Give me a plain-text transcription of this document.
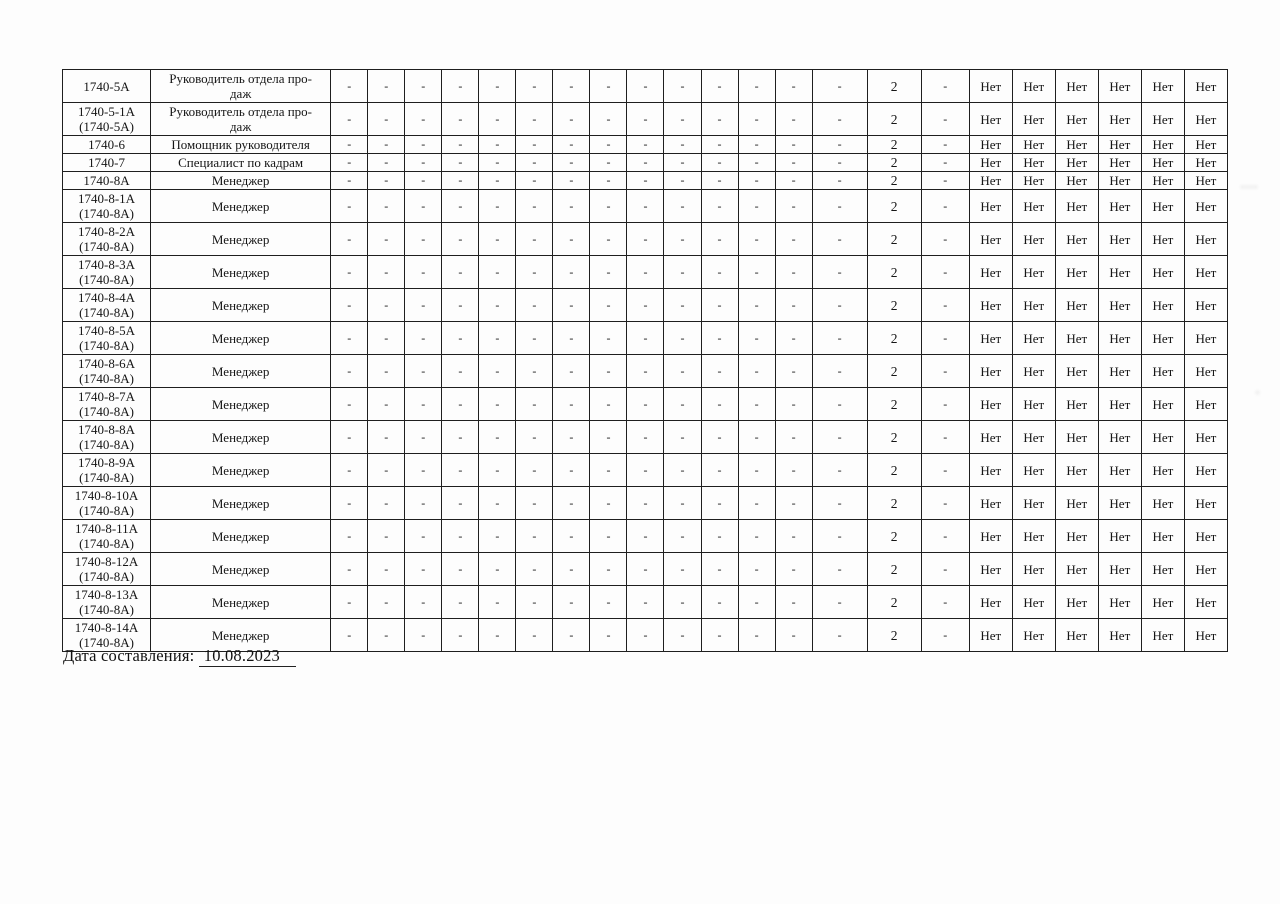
1740-5A	Руководитель отдела про-
даж	-	-	-	-	-	-	-	-	-	-	-	-	-	-	2	-	Нет	Нет	Нет	Нет	Нет	Нет
1740-5-1A
(1740-5A)	Руководитель отдела про-
даж	-	-	-	-	-	-	-	-	-	-	-	-	-	-	2	-	Нет	Нет	Нет	Нет	Нет	Нет
1740-6	Помощник руководителя	-	-	-	-	-	-	-	-	-	-	-	-	-	-	2	-	Нет	Нет	Нет	Нет	Нет	Нет
1740-7	Специалист по кадрам	-	-	-	-	-	-	-	-	-	-	-	-	-	-	2	-	Нет	Нет	Нет	Нет	Нет	Нет
1740-8A	Менеджер	-	-	-	-	-	-	-	-	-	-	-	-	-	-	2	-	Нет	Нет	Нет	Нет	Нет	Нет
1740-8-1A
(1740-8A)	Менеджер	-	-	-	-	-	-	-	-	-	-	-	-	-	-	2	-	Нет	Нет	Нет	Нет	Нет	Нет
1740-8-2A
(1740-8A)	Менеджер	-	-	-	-	-	-	-	-	-	-	-	-	-	-	2	-	Нет	Нет	Нет	Нет	Нет	Нет
1740-8-3A
(1740-8A)	Менеджер	-	-	-	-	-	-	-	-	-	-	-	-	-	-	2	-	Нет	Нет	Нет	Нет	Нет	Нет
1740-8-4A
(1740-8A)	Менеджер	-	-	-	-	-	-	-	-	-	-	-	-	-	-	2	-	Нет	Нет	Нет	Нет	Нет	Нет
1740-8-5A
(1740-8A)	Менеджер	-	-	-	-	-	-	-	-	-	-	-	-	-	-	2	-	Нет	Нет	Нет	Нет	Нет	Нет
1740-8-6A
(1740-8A)	Менеджер	-	-	-	-	-	-	-	-	-	-	-	-	-	-	2	-	Нет	Нет	Нет	Нет	Нет	Нет
1740-8-7A
(1740-8A)	Менеджер	-	-	-	-	-	-	-	-	-	-	-	-	-	-	2	-	Нет	Нет	Нет	Нет	Нет	Нет
1740-8-8A
(1740-8A)	Менеджер	-	-	-	-	-	-	-	-	-	-	-	-	-	-	2	-	Нет	Нет	Нет	Нет	Нет	Нет
1740-8-9A
(1740-8A)	Менеджер	-	-	-	-	-	-	-	-	-	-	-	-	-	-	2	-	Нет	Нет	Нет	Нет	Нет	Нет
1740-8-10A
(1740-8A)	Менеджер	-	-	-	-	-	-	-	-	-	-	-	-	-	-	2	-	Нет	Нет	Нет	Нет	Нет	Нет
1740-8-11A
(1740-8A)	Менеджер	-	-	-	-	-	-	-	-	-	-	-	-	-	-	2	-	Нет	Нет	Нет	Нет	Нет	Нет
1740-8-12A
(1740-8A)	Менеджер	-	-	-	-	-	-	-	-	-	-	-	-	-	-	2	-	Нет	Нет	Нет	Нет	Нет	Нет
1740-8-13A
(1740-8A)	Менеджер	-	-	-	-	-	-	-	-	-	-	-	-	-	-	2	-	Нет	Нет	Нет	Нет	Нет	Нет
1740-8-14A
(1740-8A)	Менеджер	-	-	-	-	-	-	-	-	-	-	-	-	-	-	2	-	Нет	Нет	Нет	Нет	Нет	Нет
Дата составления: 10.08.2023
